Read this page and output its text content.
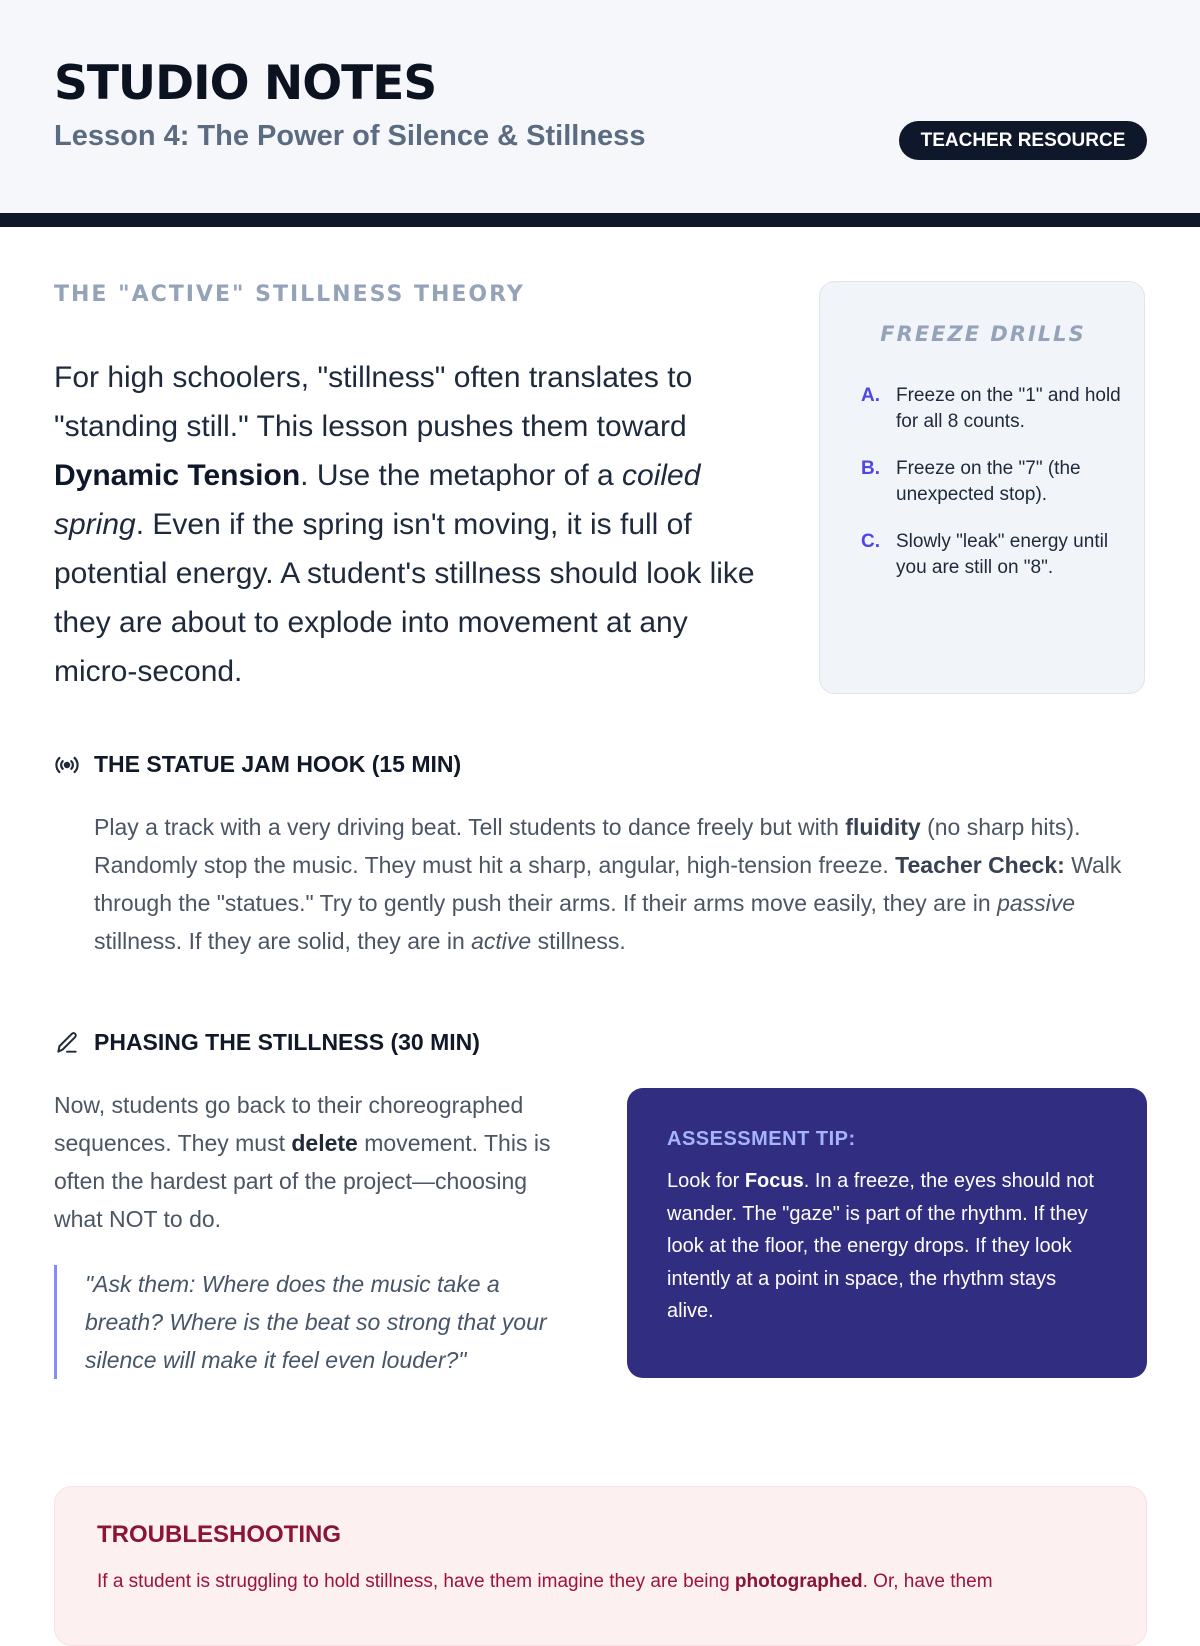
STUDIO NOTES
Lesson 4: The Power of Silence & Stillness	TEACHER RESOURCE
THE "ACTIVE" STILLNESS THEORY
For high schoolers, "stillness" often translates to "standing still." This lesson pushes them toward Dynamic Tension. Use the metaphor of a coiled spring. Even if the spring isn't moving, it is full of potential energy. A student's stillness should look like they are about to explode into movement at any micro-second.
FREEZE DRILLS
A. Freeze on the "1" and hold for all 8 counts.
B. Freeze on the "7" (the unexpected stop).
C. Slowly "leak" energy until you are still on "8".
THE STATUE JAM HOOK (15 MIN)
Play a track with a very driving beat. Tell students to dance freely but with fluidity (no sharp hits). Randomly stop the music. They must hit a sharp, angular, high-tension freeze. Teacher Check: Walk through the "statues." Try to gently push their arms. If their arms move easily, they are in passive stillness. If they are solid, they are in active stillness.
PHASING THE STILLNESS (30 MIN)
Now, students go back to their choreographed sequences. They must delete movement. This is often the hardest part of the project—choosing what NOT to do.
"Ask them: Where does the music take a breath? Where is the beat so strong that your silence will make it feel even louder?"
ASSESSMENT TIP:
Look for Focus. In a freeze, the eyes should not wander. The "gaze" is part of the rhythm. If they look at the floor, the energy drops. If they look intently at a point in space, the rhythm stays alive.
TROUBLESHOOTING
If a student is struggling to hold stillness, have them imagine they are being photographed. Or, have them
